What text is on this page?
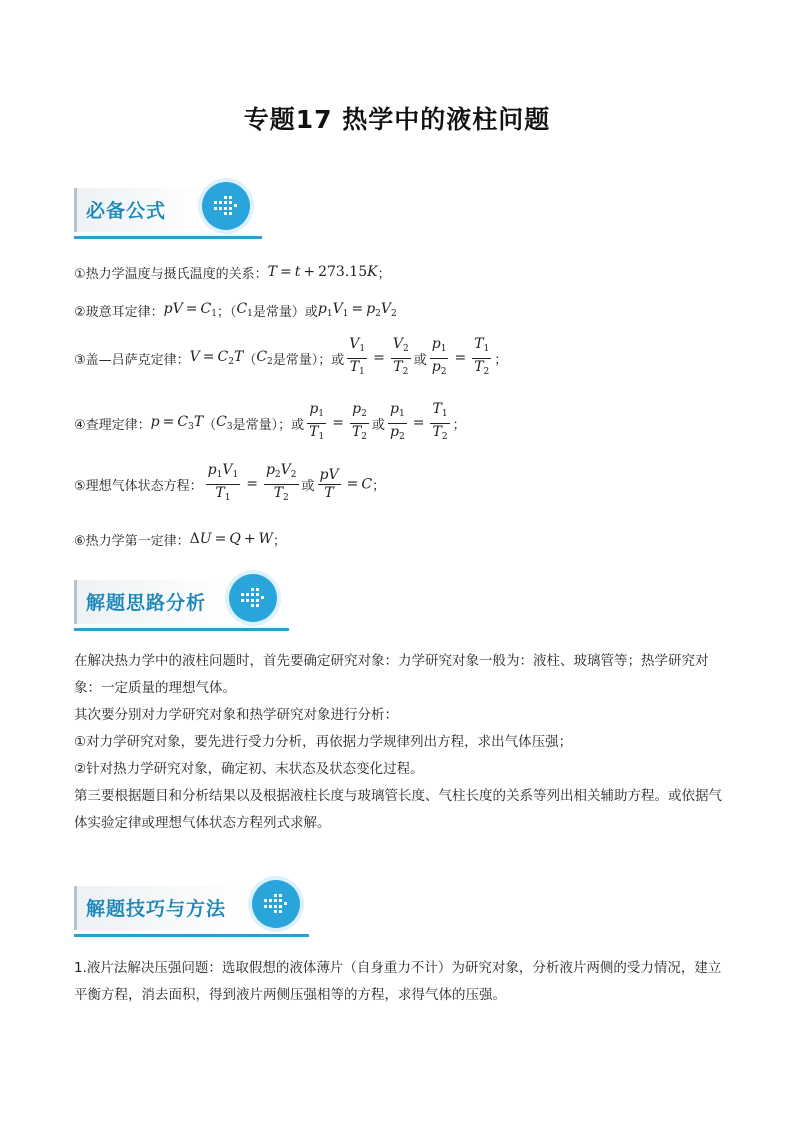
专题17 热学中的液柱问题
必备公式
①热力学温度与摄氏温度的关系： T = t + 273.15K ；
②玻意耳定律： pV = $C_1$ ；（ $C_1$ 是常量）或 $p_1V_1 = p_2V_2$
③盖—吕萨克定律： $V = C_2T$ （ $C_2$ 是常量）；或 $\frac{V_1}{T_1} = \frac{V_2}{T_2}$ 或 $\frac{p_1}{p_2} = \frac{T_1}{T_2}$ ；
④查理定律： $p = C_3T$ （ $C_3$ 是常量）；或 $\frac{p_1}{T_1} = \frac{p_2}{T_2}$ 或 $\frac{p_1}{p_2} = \frac{T_1}{T_2}$ ；
⑤理想气体状态方程： $\frac{p_1V_1}{T_1} = \frac{p_2V_2}{T_2}$ 或 $\frac{pV}{T} = C$ ；
⑥热力学第一定律： ΔU = Q + W ；
解题思路分析
在解决热力学中的液柱问题时，首先要确定研究对象：力学研究对象一般为：液柱、玻璃管等；热学研究对象：一定质量的理想气体。
其次要分别对力学研究对象和热学研究对象进行分析：
①对力学研究对象，要先进行受力分析，再依据力学规律列出方程，求出气体压强；
②针对热力学研究对象，确定初、末状态及状态变化过程。
第三要根据题目和分析结果以及根据液柱长度与玻璃管长度、气柱长度的关系等列出相关辅助方程。或依据气体实验定律或理想气体状态方程列式求解。
解题技巧与方法
1.液片法解决压强问题：选取假想的液体薄片（自身重力不计）为研究对象，分析液片两侧的受力情况，建立平衡方程，消去面积，得到液片两侧压强相等的方程，求得气体的压强。
